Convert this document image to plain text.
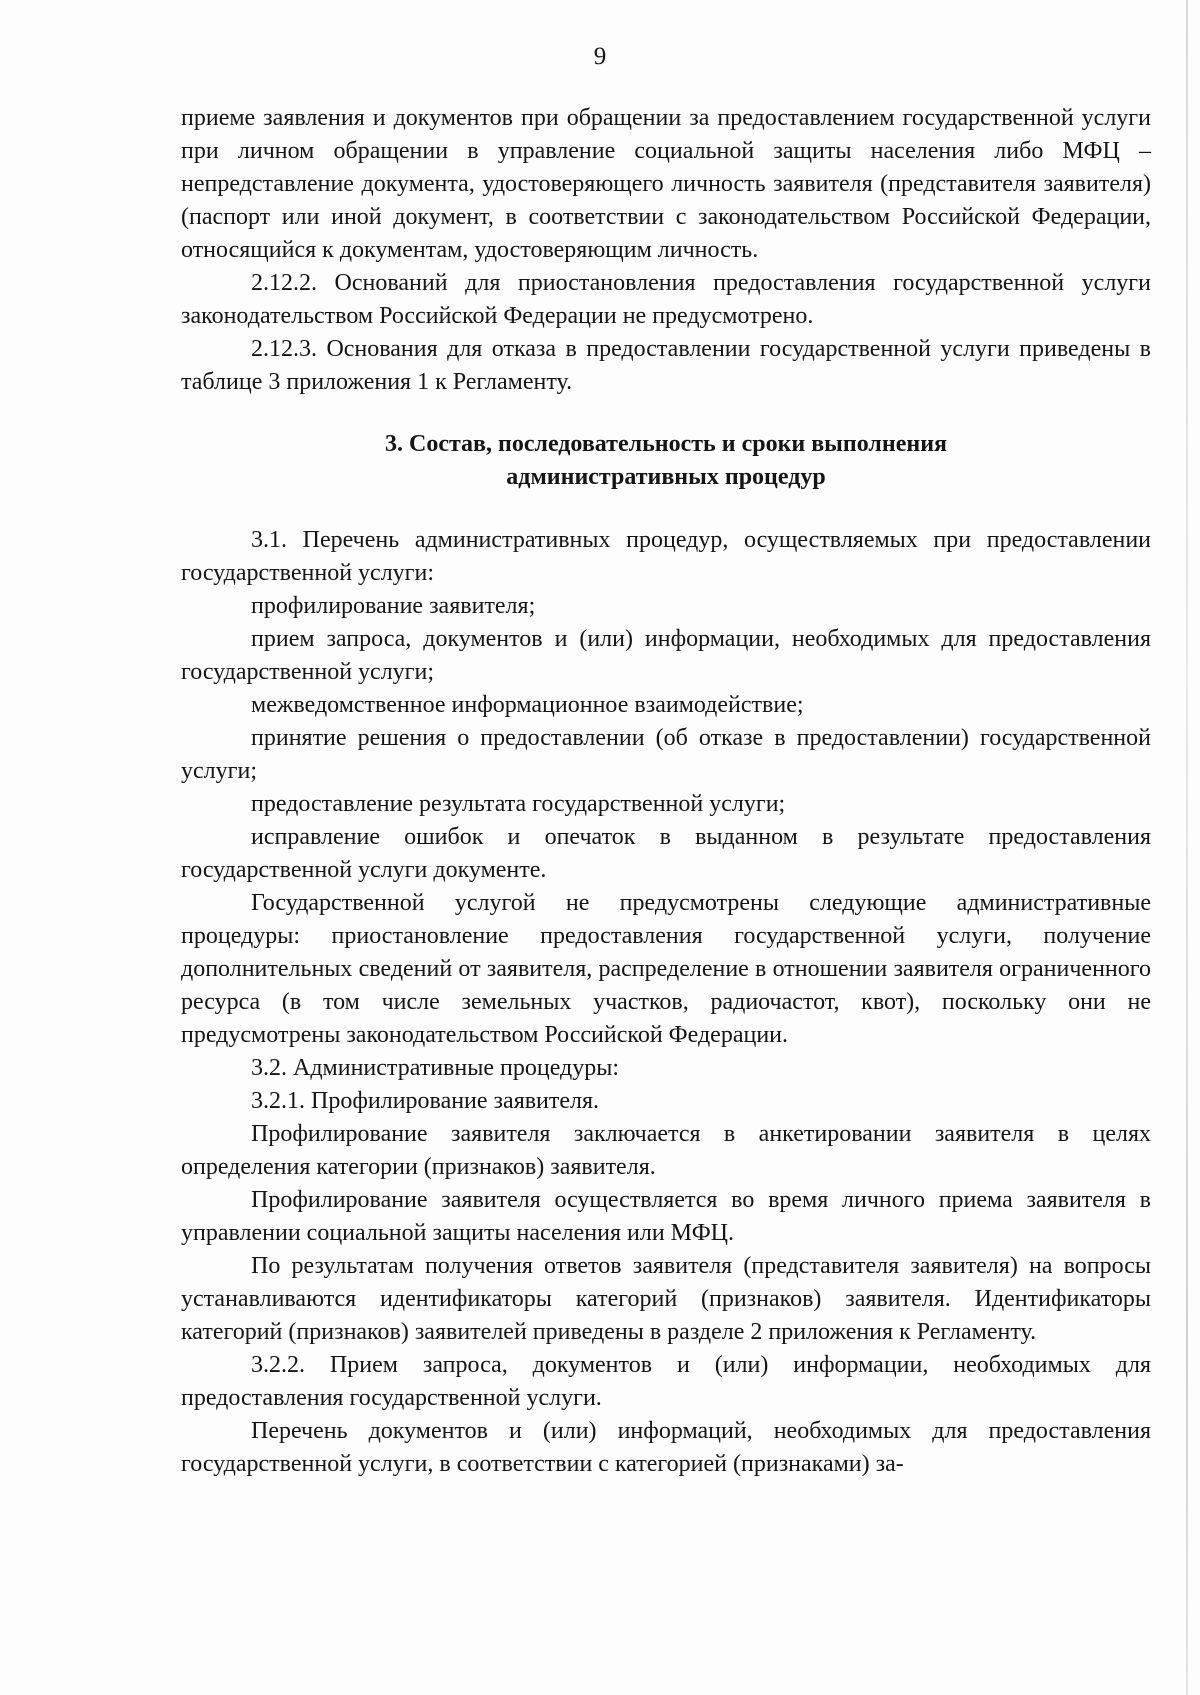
9

приеме заявления и документов при обращении за предоставлением государственной услуги при личном обращении в управление социальной защиты населения либо МФЦ – непредставление документа, удостоверяющего личность заявителя (представителя заявителя) (паспорт или иной документ, в соответствии с законодательством Российской Федерации, относящийся к документам, удостоверяющим личность.

2.12.2. Оснований для приостановления предоставления государственной услуги законодательством Российской Федерации не предусмотрено.

2.12.3. Основания для отказа в предоставлении государственной услуги приведены в таблице 3 приложения 1 к Регламенту.

3. Состав, последовательность и сроки выполнения
административных процедур

3.1. Перечень административных процедур, осуществляемых при предоставлении государственной услуги:

профилирование заявителя;

прием запроса, документов и (или) информации, необходимых для предоставления государственной услуги;

межведомственное информационное взаимодействие;

принятие решения о предоставлении (об отказе в предоставлении) государственной услуги;

предоставление результата государственной услуги;

исправление ошибок и опечаток в выданном в результате предоставления государственной услуги документе.

Государственной услугой не предусмотрены следующие административные процедуры: приостановление предоставления государственной услуги, получение дополнительных сведений от заявителя, распределение в отношении заявителя ограниченного ресурса (в том числе земельных участков, радиочастот, квот), поскольку они не предусмотрены законодательством Российской Федерации.

3.2. Административные процедуры:

3.2.1. Профилирование заявителя.

Профилирование заявителя заключается в анкетировании заявителя в целях определения категории (признаков) заявителя.

Профилирование заявителя осуществляется во время личного приема заявителя в управлении социальной защиты населения или МФЦ.

По результатам получения ответов заявителя (представителя заявителя) на вопросы устанавливаются идентификаторы категорий (признаков) заявителя. Идентификаторы категорий (признаков) заявителей приведены в разделе 2 приложения к Регламенту.

3.2.2. Прием запроса, документов и (или) информации, необходимых для предоставления государственной услуги.

Перечень документов и (или) информаций, необходимых для предоставления государственной услуги, в соответствии с категорией (признаками) за-
